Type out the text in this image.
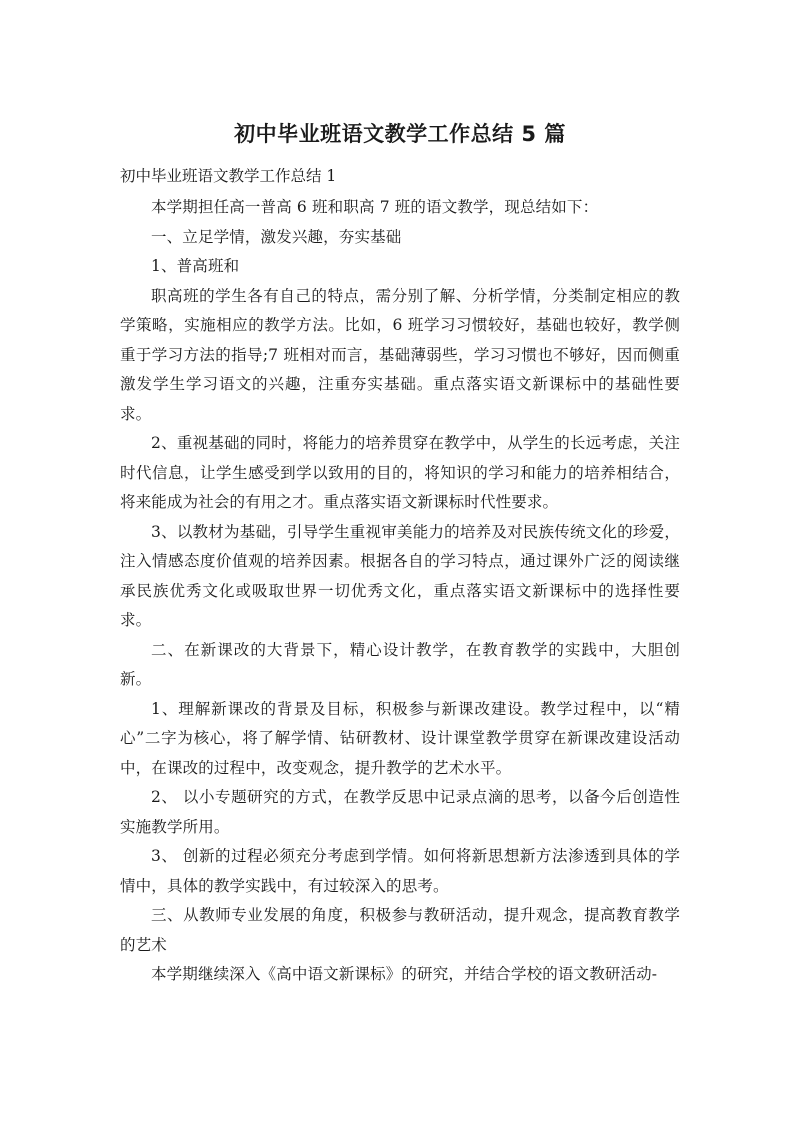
初中毕业班语文教学工作总结 5 篇

初中毕业班语文教学工作总结 1

本学期担任高一普高 6 班和职高 7 班的语文教学，现总结如下：

一、立足学情，激发兴趣，夯实基础

1、普高班和

职高班的学生各有自己的特点，需分别了解、分析学情，分类制定相应的教学策略，实施相应的教学方法。比如，6 班学习习惯较好，基础也较好，教学侧重于学习方法的指导;7 班相对而言，基础薄弱些，学习习惯也不够好，因而侧重激发学生学习语文的兴趣，注重夯实基础。重点落实语文新课标中的基础性要求。

2、重视基础的同时，将能力的培养贯穿在教学中，从学生的长远考虑，关注时代信息，让学生感受到学以致用的目的，将知识的学习和能力的培养相结合，将来能成为社会的有用之才。重点落实语文新课标时代性要求。

3、以教材为基础，引导学生重视审美能力的培养及对民族传统文化的珍爱，注入情感态度价值观的培养因素。根据各自的学习特点，通过课外广泛的阅读继承民族优秀文化或吸取世界一切优秀文化，重点落实语文新课标中的选择性要求。

二、在新课改的大背景下，精心设计教学，在教育教学的实践中，大胆创新。

1、理解新课改的背景及目标，积极参与新课改建设。教学过程中，以“精心”二字为核心，将了解学情、钻研教材、设计课堂教学贯穿在新课改建设活动中，在课改的过程中，改变观念，提升教学的艺术水平。

2、 以小专题研究的方式，在教学反思中记录点滴的思考，以备今后创造性实施教学所用。

3、 创新的过程必须充分考虑到学情。如何将新思想新方法渗透到具体的学情中，具体的教学实践中，有过较深入的思考。

三、从教师专业发展的角度，积极参与教研活动，提升观念，提高教育教学的艺术

本学期继续深入《高中语文新课标》的研究，并结合学校的语文教研活动-
